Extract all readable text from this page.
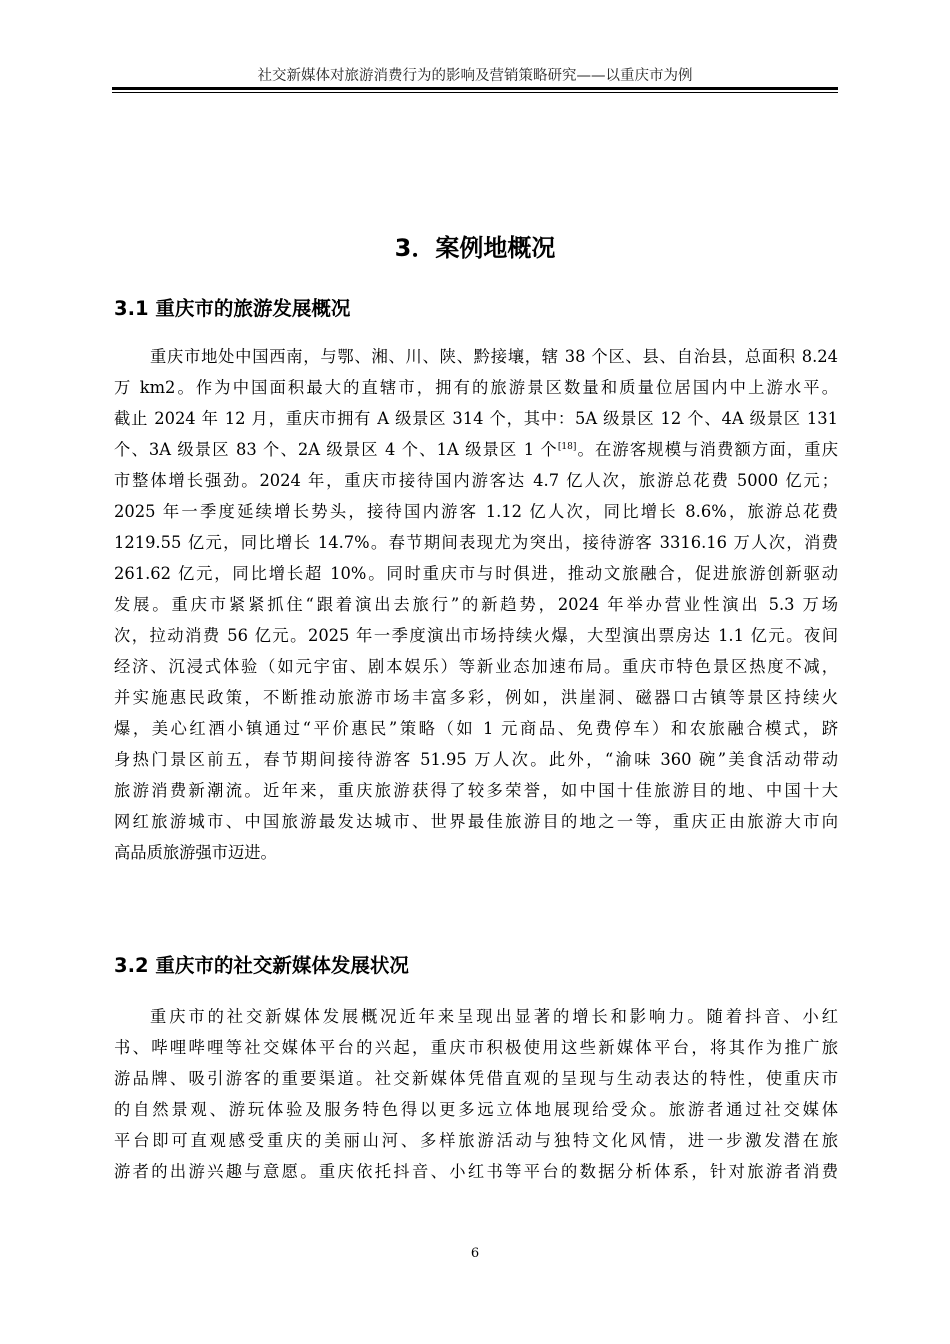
社交新媒体对旅游消费行为的影响及营销策略研究——以重庆市为例
3．案例地概况
3.1 重庆市的旅游发展概况
重庆市地处中国西南，与鄂、湘、川、陕、黔接壤，辖 38 个区、县、自治县，总面积 8.24
万 km2。作为中国面积最大的直辖市，拥有的旅游景区数量和质量位居国内中上游水平。
截止 2024 年 12 月，重庆市拥有 A 级景区 314 个，其中：5A 级景区 12 个、4A 级景区 131
个、3A 级景区 83 个、2A 级景区 4 个、1A 级景区 1 个[18]。在游客规模与消费额方面，重庆
市整体增长强劲。2024 年，重庆市接待国内游客达 4.7 亿人次，旅游总花费 5000 亿元；
2025 年一季度延续增长势头，接待国内游客 1.12 亿人次，同比增长 8.6%，旅游总花费
1219.55 亿元，同比增长 14.7%。春节期间表现尤为突出，接待游客 3316.16 万人次，消费
261.62 亿元，同比增长超 10%。同时重庆市与时俱进，推动文旅融合，促进旅游创新驱动
发展。重庆市紧紧抓住“跟着演出去旅行”的新趋势，2024 年举办营业性演出 5.3 万场
次，拉动消费 56 亿元。2025 年一季度演出市场持续火爆，大型演出票房达 1.1 亿元。夜间
经济、沉浸式体验（如元宇宙、剧本娱乐）等新业态加速布局。重庆市特色景区热度不减，
并实施惠民政策，不断推动旅游市场丰富多彩，例如，洪崖洞、磁器口古镇等景区持续火
爆，美心红酒小镇通过“平价惠民”策略（如 1 元商品、免费停车）和农旅融合模式，跻
身热门景区前五，春节期间接待游客 51.95 万人次。此外，“渝味 360 碗”美食活动带动
旅游消费新潮流。近年来，重庆旅游获得了较多荣誉，如中国十佳旅游目的地、中国十大
网红旅游城市、中国旅游最发达城市、世界最佳旅游目的地之一等，重庆正由旅游大市向
高品质旅游强市迈进。
3.2 重庆市的社交新媒体发展状况
重庆市的社交新媒体发展概况近年来呈现出显著的增长和影响力。随着抖音、小红
书、哔哩哔哩等社交媒体平台的兴起，重庆市积极使用这些新媒体平台，将其作为推广旅
游品牌、吸引游客的重要渠道。社交新媒体凭借直观的呈现与生动表达的特性，使重庆市
的自然景观、游玩体验及服务特色得以更多远立体地展现给受众。旅游者通过社交媒体
平台即可直观感受重庆的美丽山河、多样旅游活动与独特文化风情，进一步激发潜在旅
游者的出游兴趣与意愿。重庆依托抖音、小红书等平台的数据分析体系，针对旅游者消费
6
